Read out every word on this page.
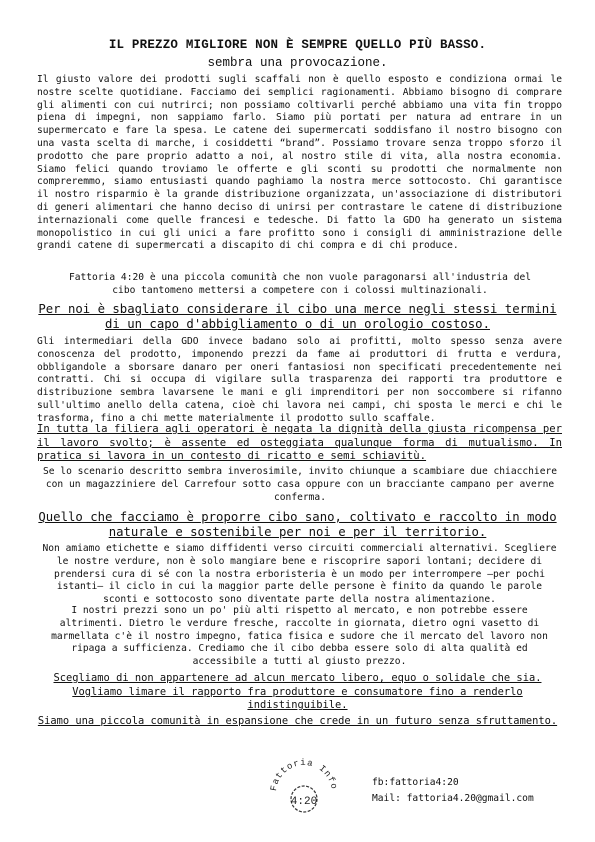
IL PREZZO MIGLIORE NON È SEMPRE QUELLO PIÙ BASSO.
sembra una provocazione.
Il giusto valore dei prodotti sugli scaffali non è quello esposto e condiziona ormai le nostre scelte quotidiane. Facciamo dei semplici ragionamenti. Abbiamo bisogno di comprare gli alimenti con cui nutrirci; non possiamo coltivarli perché abbiamo una vita fin troppo piena di impegni, non sappiamo farlo. Siamo più portati per natura ad entrare in un supermercato e fare la spesa. Le catene dei supermercati soddisfano il nostro bisogno con una vasta scelta di marche, i cosiddetti “brand”. Possiamo trovare senza troppo sforzo il prodotto che pare proprio adatto a noi, al nostro stile di vita, alla nostra economia. Siamo felici quando troviamo le offerte e gli sconti su prodotti che normalmente non compreremmo, siamo entusiasti quando paghiamo la nostra merce sottocosto. Chi garantisce il nostro risparmio è la grande distribuzione organizzata, un'associazione di distributori di generi alimentari che hanno deciso di unirsi per contrastare le catene di distribuzione internazionali come quelle francesi e tedesche. Di fatto la GDO ha generato un sistema monopolistico in cui gli unici a fare profitto sono i consigli di amministrazione delle grandi catene di supermercati a discapito di chi compra e di chi produce.
Fattoria 4:20 è una piccola comunità che non vuole paragonarsi all'industria del cibo tantomeno mettersi a competere con i colossi multinazionali.
Per noi è sbagliato considerare il cibo una merce negli stessi termini di un capo d'abbigliamento o di un orologio costoso.
Gli intermediari della GDO invece badano solo ai profitti, molto spesso senza avere conoscenza del prodotto, imponendo prezzi da fame ai produttori di frutta e verdura, obbligandole a sborsare danaro per oneri fantasiosi non specificati precedentemente nei contratti. Chi si occupa di vigilare sulla trasparenza dei rapporti tra produttore e distribuzione sembra lavarsene le mani e gli imprenditori per non soccombere si rifanno sull'ultimo anello della catena, cioè chi lavora nei campi, chi sposta le merci e chi le trasforma, fino a chi mette materialmente il prodotto sullo scaffale.
In tutta la filiera agli operatori è negata la dignità della giusta ricompensa per il lavoro svolto; è assente ed osteggiata qualunque forma di mutualismo. In pratica si lavora in un contesto di ricatto e semi schiavitù.
Se lo scenario descritto sembra inverosimile, invito chiunque a scambiare due chiacchiere con un magazziniere del Carrefour sotto casa oppure con un bracciante campano per averne conferma.
Quello che facciamo è proporre cibo sano, coltivato e raccolto in modo naturale e sostenibile per noi e per il territorio.
Non amiamo etichette e siamo diffidenti verso circuiti commerciali alternativi. Scegliere le nostre verdure, non è solo mangiare bene e riscoprire sapori lontani; decidere di prendersi cura di sé con la nostra erboristeria è un modo per interrompere –per pochi istanti– il ciclo in cui la maggior parte delle persone è finito da quando le parole sconti e sottocosto sono diventate parte della nostra alimentazione.
I nostri prezzi sono un po' più alti rispetto al mercato, e non potrebbe essere altrimenti. Dietro le verdure fresche, raccolte in giornata, dietro ogni vasetto di marmellata c'è il nostro impegno, fatica fisica e sudore che il mercato del lavoro non ripaga a sufficienza. Crediamo che il cibo debba essere solo di alta qualità ed accessibile a tutti al giusto prezzo.
Scegliamo di non appartenere ad alcun mercato libero, equo o solidale che sia.
Vogliamo limare il rapporto fra produttore e consumatore fino a renderlo indistinguibile.
Siamo una piccola comunità in espansione che crede in un futuro senza sfruttamento.
Fattoria Info
4:20
fb:fattoria4:20
Mail: fattoria4.20@gmail.com
